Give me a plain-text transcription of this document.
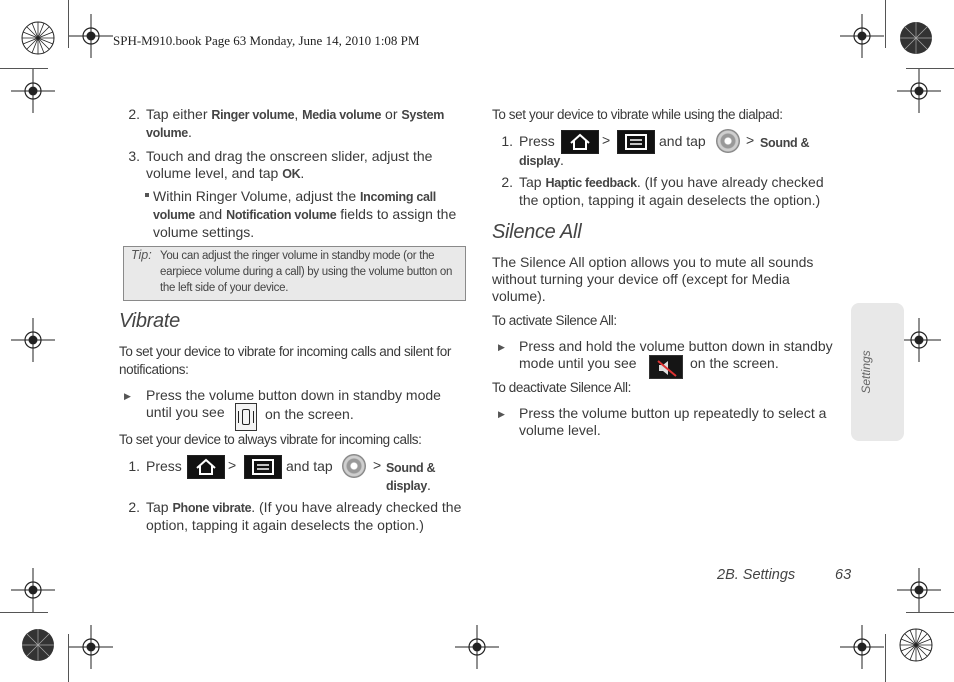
SPH-M910.book Page 63 Monday, June 14, 2010 1:08 PM
2. Tap either Ringer volume, Media volume or System volume.
3. Touch and drag the onscreen slider, adjust the volume level, and tap OK.
Within Ringer Volume, adjust the Incoming call volume and Notification volume fields to assign the volume settings.
Tip: You can adjust the ringer volume in standby mode (or the earpiece volume during a call) by using the volume button on the left side of your device.
Vibrate
To set your device to vibrate for incoming calls and silent for notifications:
▶ Press the volume button down in standby mode until you see	on the screen.
To set your device to always vibrate for incoming calls:
1. Press	>	and tap	> Sound & display.
2. Tap Phone vibrate. (If you have already checked the option, tapping it again deselects the option.)
To set your device to vibrate while using the dialpad:
1. Press	>	and tap	> Sound & display.
2. Tap Haptic feedback. (If you have already checked the option, tapping it again deselects the option.)
Silence All
The Silence All option allows you to mute all sounds without turning your device off (except for Media volume).
To activate Silence All:
▶ Press and hold the volume button down in standby mode until you see	on the screen.
To deactivate Silence All:
▶ Press the volume button up repeatedly to select a volume level.
Settings
2B. Settings	63
